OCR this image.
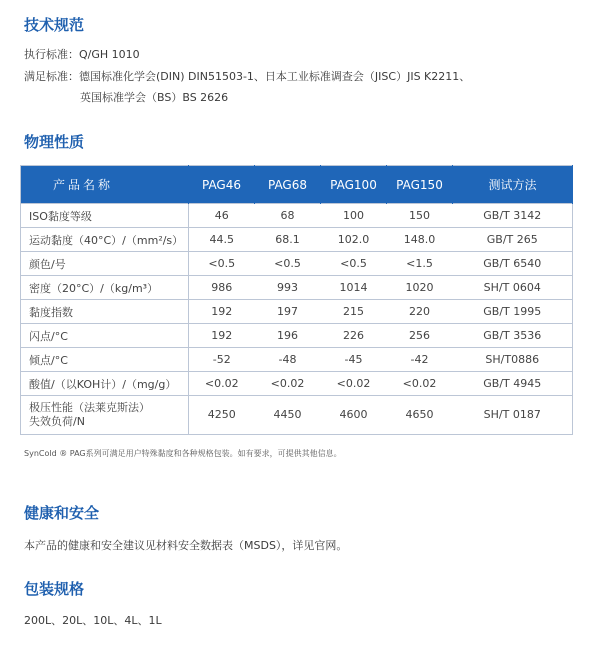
技术规范
执行标准：Q/GH 1010
满足标准：德国标准化学会(DIN) DIN51503-1、日本工业标准调查会（JISC）JIS K2211、
英国标准学会（BS）BS 2626
物理性质
产品名称	PAG46	PAG68	PAG100	PAG150	测试方法
ISO黏度等级	46	68	100	150	GB/T 3142
运动黏度（40°C）/（mm²/s）	44.5	68.1	102.0	148.0	GB/T 265
颜色/号	<0.5	<0.5	<0.5	<1.5	GB/T 6540
密度（20°C）/（kg/m³）	986	993	1014	1020	SH/T 0604
黏度指数	192	197	215	220	GB/T 1995
闪点/°C	192	196	226	256	GB/T 3536
倾点/°C	-52	-48	-45	-42	SH/T0886
酸值/（以KOH计）/（mg/g）	<0.02	<0.02	<0.02	<0.02	GB/T 4945

极压性能（法莱克斯法）
失效负荷/N	4250	4450	4600	4650	SH/T 0187
SynCold ® PAG系列可满足用户特殊黏度和各种规格包装。如有要求，可提供其他信息。
健康和安全
本产品的健康和安全建议见材料安全数据表（MSDS），详见官网。
包装规格
200L、20L、10L、4L、1L
